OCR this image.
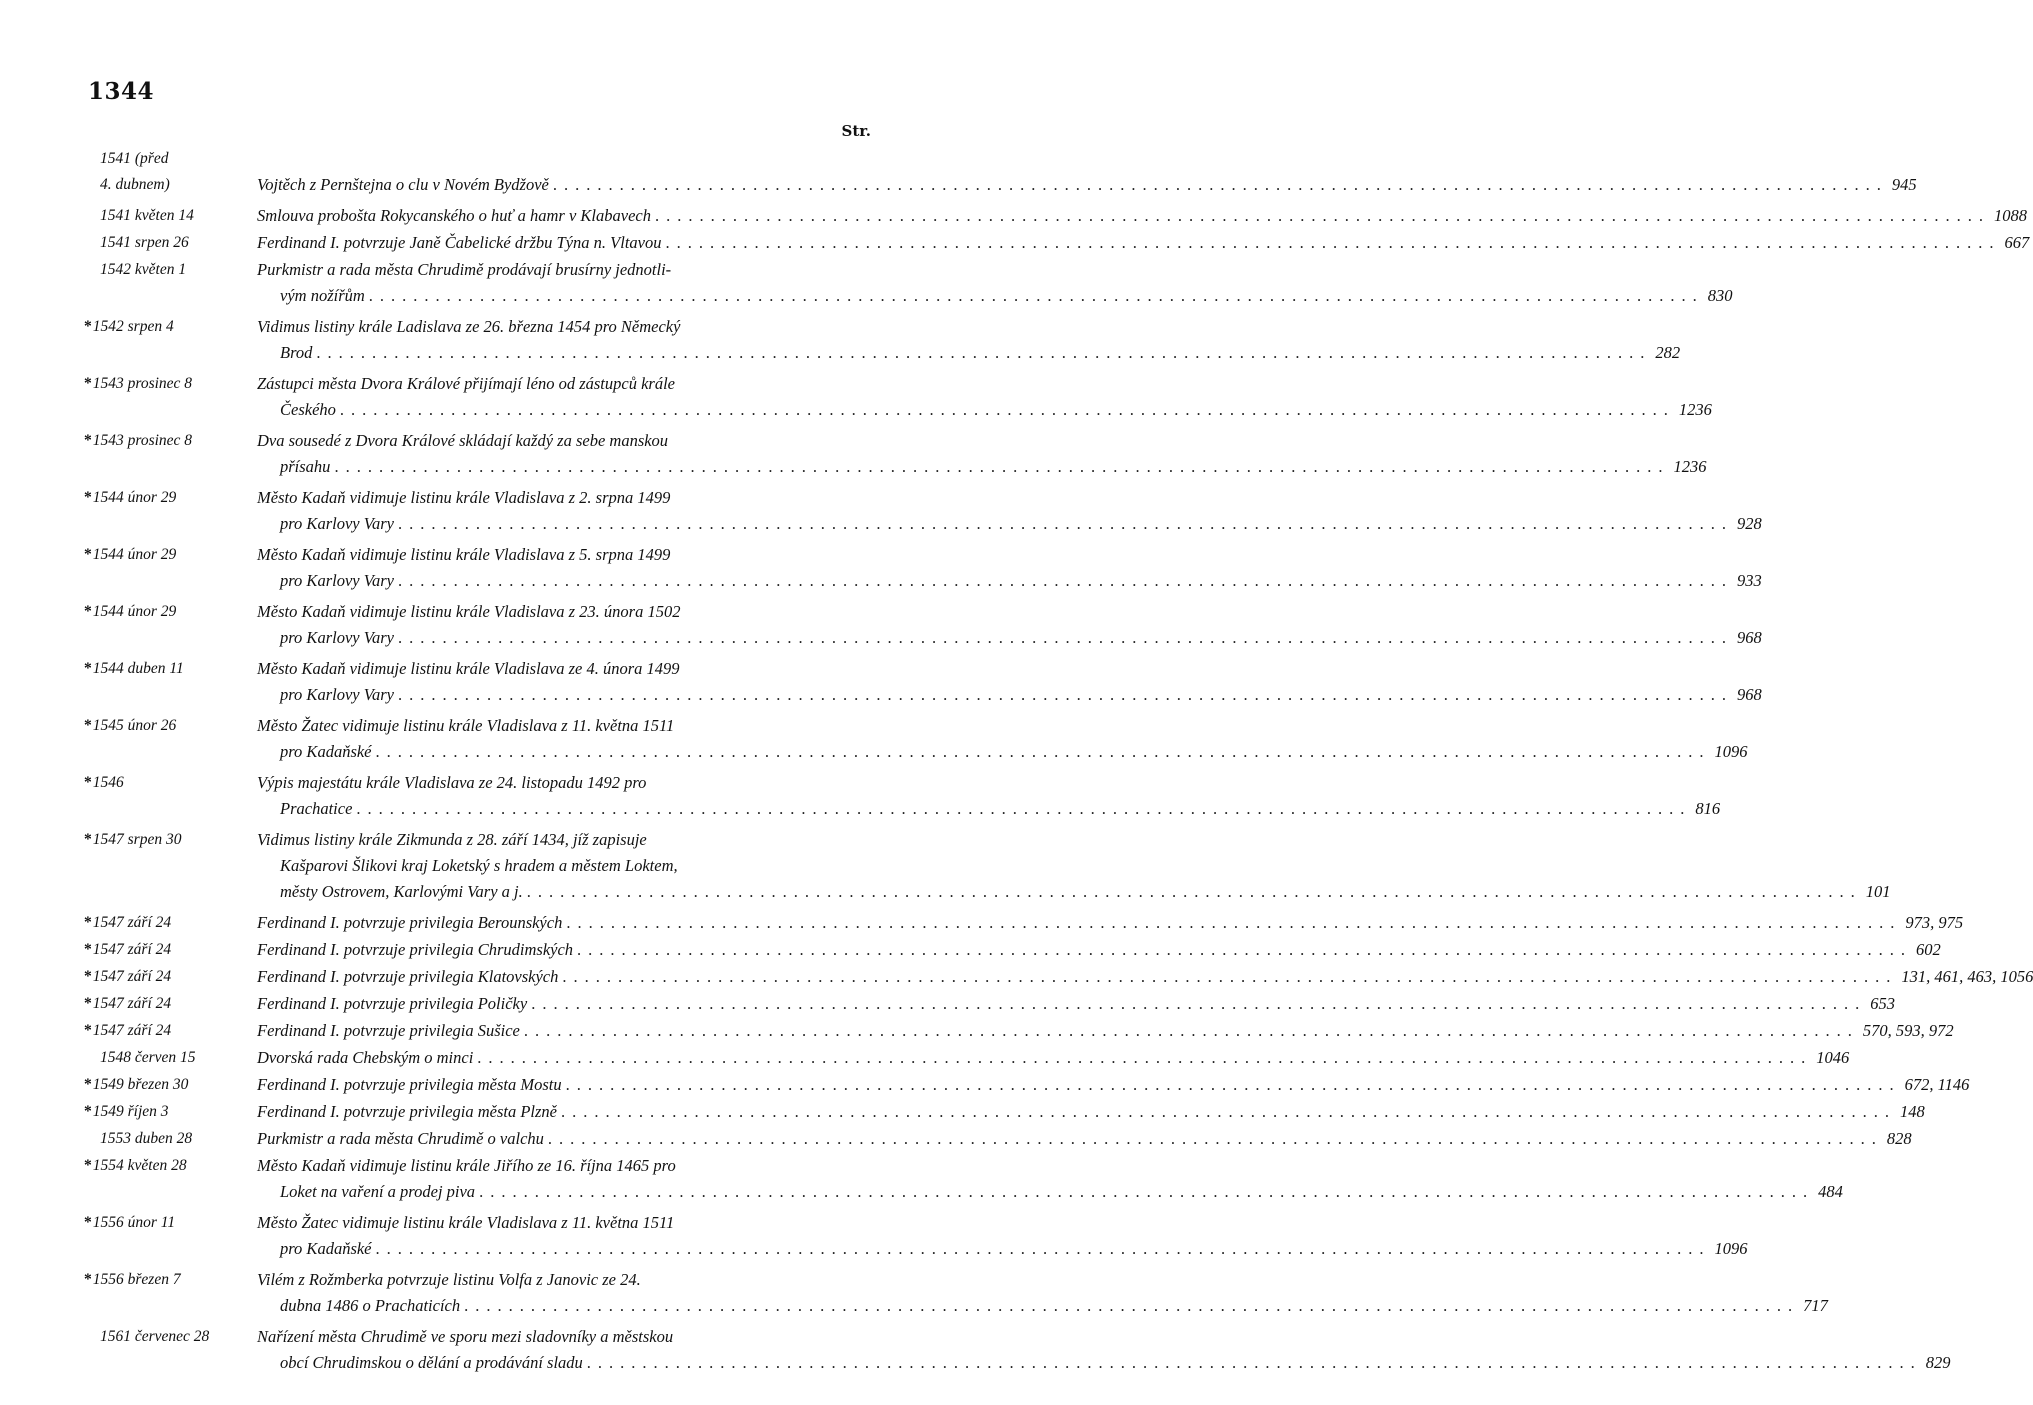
1344
Str.
1541 (před
4. dubnem)
	Vojtěch z Pernštejna o clu v Novém Bydžově ........................................................................................................................ 945
1541 květen 14	Smlouva proboštа Rokycanského o huť a hamr v Klabavech ........................................................................................................................ 1088
1541 srpen 26	Ferdinand I. potvrzuje Janě Čabelické držbu Týna n. Vltavou ........................................................................................................................ 667
1542 květen 1	Purkmistr a rada města Chrudimě prodávají brusírny jednotli-
vým nožířům ........................................................................................................................ 830
*1542 srpen 4	Vidimus listiny krále Ladislava ze 26. března 1454 pro Německý
Brod ........................................................................................................................ 282
*1543 prosinec 8	Zástupci města Dvora Králové přijímají léno od zástupců krále
Českého ........................................................................................................................ 1236
*1543 prosinec 8	Dva sousedé z Dvora Králové skládají každý za sebe manskou
přísahu ........................................................................................................................ 1236
*1544 únor 29	Město Kadaň vidimuje listinu krále Vladislava z 2. srpna 1499
pro Karlovy Vary ........................................................................................................................ 928
*1544 únor 29	Město Kadaň vidimuje listinu krále Vladislava z 5. srpna 1499
pro Karlovy Vary ........................................................................................................................ 933
*1544 únor 29	Město Kadaň vidimuje listinu krále Vladislava z 23. února 1502
pro Karlovy Vary ........................................................................................................................ 968
*1544 duben 11	Město Kadaň vidimuje listinu krále Vladislava ze 4. února 1499
pro Karlovy Vary ........................................................................................................................ 968
*1545 únor 26	Město Žatec vidimuje listinu krále Vladislava z 11. května 1511
pro Kadaňské ........................................................................................................................ 1096
*1546	Výpis majestátu krále Vladislava ze 24. listopadu 1492 pro
Prachatice ........................................................................................................................ 816
*1547 srpen 30	Vidimus listiny krále Zikmunda z 28. září 1434, jíž zapisuje
Kašparovi Šlikovi kraj Loketský s hradem a městem Loktem,
městy Ostrovem, Karlovými Vary a j. ........................................................................................................................ 101
*1547 září 24	Ferdinand I. potvrzuje privilegia Berounských ........................................................................................................................ 973, 975
*1547 září 24	Ferdinand I. potvrzuje privilegia Chrudimských ........................................................................................................................ 602
*1547 září 24	Ferdinand I. potvrzuje privilegia Klatovských ........................................................................................................................ 131, 461, 463, 1056
*1547 září 24	Ferdinand I. potvrzuje privilegia Poličky ........................................................................................................................ 653
*1547 září 24	Ferdinand I. potvrzuje privilegia Sušice ........................................................................................................................ 570, 593, 972
1548 červen 15	Dvorská rada Chebským o minci ........................................................................................................................ 1046
*1549 březen 30	Ferdinand I. potvrzuje privilegia města Mostu ........................................................................................................................ 672, 1146
*1549 říjen 3	Ferdinand I. potvrzuje privilegia města Plzně ........................................................................................................................ 148
1553 duben 28	Purkmistr a rada města Chrudimě o valchu ........................................................................................................................ 828
*1554 květen 28	Město Kadaň vidimuje listinu krále Jiřího ze 16. října 1465 pro
Loket na vaření a prodej piva ........................................................................................................................ 484
*1556 únor 11	Město Žatec vidimuje listinu krále Vladislava z 11. května 1511
pro Kadaňské ........................................................................................................................ 1096
*1556 březen 7	Vilém z Rožmberka potvrzuje listinu Volfa z Janovic ze 24.
dubna 1486 o Prachaticích ........................................................................................................................ 717
1561 červenec 28	Nařízení města Chrudimě ve sporu mezi sladovníky a městskou
obcí Chrudimskou o dělání a prodávání sladu ........................................................................................................................ 829
